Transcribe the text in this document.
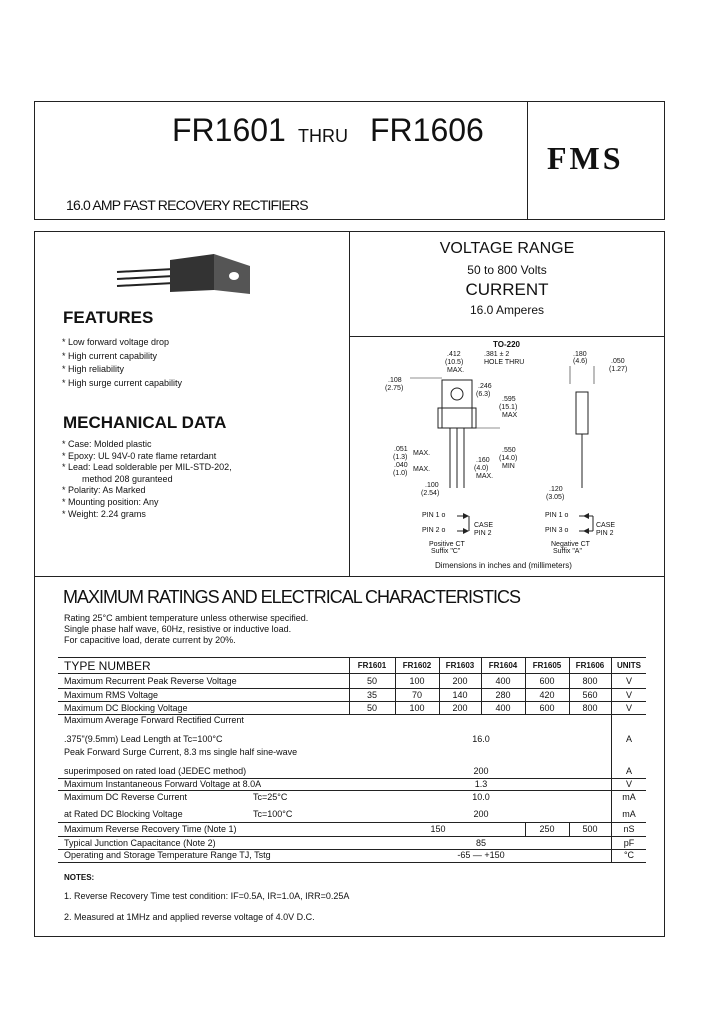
FR1601 THRU FR1606
16.0 AMP FAST RECOVERY RECTIFIERS
FMS
VOLTAGE RANGE
50 to 800 Volts
CURRENT
16.0 Amperes
FEATURES
* Low forward voltage drop
* High current capability
* High reliability
* High surge current capability
MECHANICAL DATA
* Case: Molded plastic
* Epoxy: UL 94V-0 rate flame retardant
* Lead: Lead solderable per MIL-STD-202,
method 208 guranteed
* Polarity: As Marked
* Mounting position: Any
* Weight: 2.24 grams
TO-220
.412
(10.5)
MAX.
.381 ± 2
HOLE THRU
.180
(4.6)	.050
(1.27)
.108
(2.75)	.246
(6.3)
.595
(15.1)
MAX
.051
(1.3)
MAX.
.040
(1.0)
MAX.
.160
(4.0)
MAX.
.550
(14.0)
MIN
.100
(2.54)
.120
(3.05)
PIN 1 o
PIN 2 o
CASE
PIN 2
PIN 1 o
PIN 3 o
CASE
PIN 2
Positive CT
Suffix "C"
Negative CT
Suffix "A"
Dimensions in inches and (millimeters)
MAXIMUM RATINGS AND ELECTRICAL CHARACTERISTICS
Rating 25°C ambient temperature unless otherwise specified.
Single phase half wave, 60Hz, resistive or inductive load.
For capacitive load, derate current by 20%.
TYPE NUMBER	FR1601 FR1602 FR1603 FR1604 FR1605 FR1606 UNITS
Maximum Recurrent Peak Reverse Voltage	50	100	200	400	600	800	V
Maximum RMS Voltage	35	70	140	280	420	560	V
Maximum DC Blocking Voltage	50	100	200	400	600	800	V
Maximum Average Forward Rectified Current
.375"(9.5mm) Lead Length at Tc=100°C	16.0	A
Peak Forward Surge Current, 8.3 ms single half sine-wave
superimposed on rated load (JEDEC method)	200	A
Maximum Instantaneous Forward Voltage at 8.0A	1.3	V
Maximum DC Reverse Current	Tc=25°C	10.0	mA
at Rated DC Blocking Voltage	Tc=100°C	200	mA
Maximum Reverse Recovery Time (Note 1)	150	250	500	nS
Typical Junction Capacitance (Note 2)	85	pF
Operating and Storage Temperature Range TJ, Tstg	-65 — +150	°C
NOTES:
1. Reverse Recovery Time test condition: IF=0.5A, IR=1.0A, IRR=0.25A
2. Measured at 1MHz and applied reverse voltage of 4.0V D.C.
